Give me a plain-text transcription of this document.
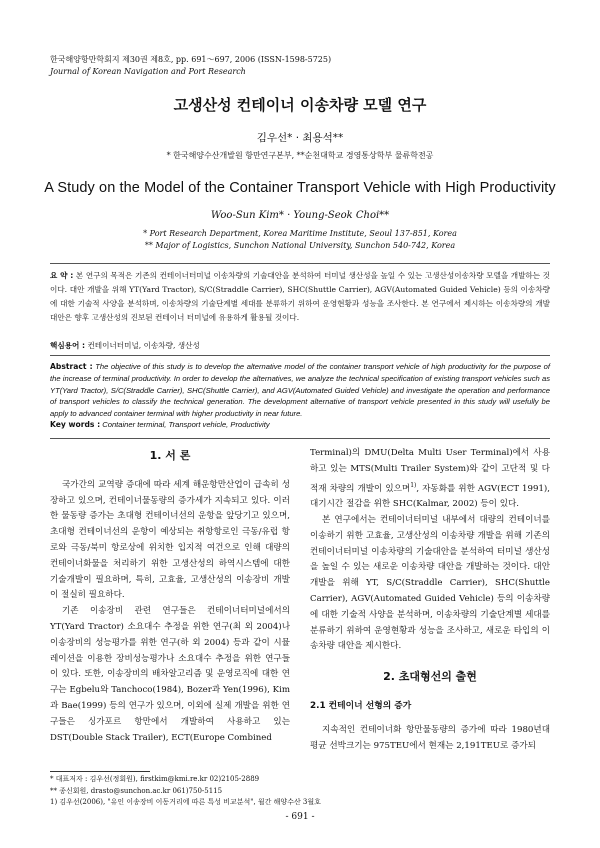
한국해양항만학회지 제30권 제8호, pp. 691～697, 2006 (ISSN-1598-5725)
Journal of Korean Navigation and Port Research
고생산성 컨테이너 이송차량 모델 연구
김우선* · 최용석**
* 한국해양수산개발원 항만연구본부, **순천대학교 경영통상학부 물류학전공
A Study on the Model of the Container Transport Vehicle with High Productivity
Woo-Sun Kim* · Young-Seok Choi**
* Port Research Department, Korea Maritime Institute, Seoul 137-851, Korea
** Major of Logistics, Sunchon National University, Sunchon 540-742, Korea
요 약 : 본 연구의 목적은 기존의 컨테이너터미널 이송차량의 기술대안을 분석하여 터미널 생산성을 높일 수 있는 고생산성이송차량 모델을 개발하는 것이다. 대안 개발을 위해 YT(Yard Tractor), S/C(Straddle Carrier), SHC(Shuttle Carrier), AGV(Automated Guided Vehicle) 등의 이송차량에 대한 기술적 사양을 분석하며, 이송차량의 기술단계별 세대를 분류하기 위하여 운영현황과 성능을 조사한다. 본 연구에서 제시하는 이송차량의 개발 대안은 향후 고생산성의 진보된 컨테이너 터미널에 유용하게 활용될 것이다.
핵심용어 : 컨테이너터미널, 이송차량, 생산성
Abstract : The objective of this study is to develop the alternative model of the container transport vehicle of high productivity for the purpose of the increase of terminal productivity. In order to develop the alternatives, we analyze the technical specification of existing transport vehicles such as YT(Yard Tractor), S/C(Straddle Carrier), SHC(Shuttle Carrier), and AGV(Automated Guided Vehicle) and investigate the operation and performance of transport vehicles to classify the technical generation. The development alternative of transport vehicle presented in this study will usefully be apply to advanced container terminal with higher productivity in near future.
Key words : Container terminal, Transport vehicle, Productivity
1. 서 론

국가간의 교역량 증대에 따라 세계 해운항만산업이 급속히 성장하고 있으며, 컨테이너물동량의 증가세가 지속되고 있다. 이러한 물동량 증가는 초대형 컨테이너선의 운항을 앞당기고 있으며, 초대형 컨테이너선의 운항이 예상되는 취항항로인 극동/유럽 항로와 극동/북미 항로상에 위치한 입지적 여건으로 인해 대량의 컨테이너화물을 처리하기 위한 고생산성의 하역시스템에 대한 기술개발이 필요하며, 특히, 고효율, 고생산성의 이송장비 개발이 절실히 필요하다.

기존 이송장비 관련 연구들은 컨테이너터미널에서의 YT(Yard Tractor) 소요대수 추정을 위한 연구(최 외 2004)나 이송장비의 성능평가를 위한 연구(하 외 2004) 등과 같이 시뮬레이션을 이용한 장비성능평가나 소요대수 추정을 위한 연구들이 있다. 또한, 이송장비의 배차알고리즘 및 운영로직에 대한 연구는 Egbelu와 Tanchoco(1984), Bozer과 Yen(1996), Kim과 Bae(1999) 등의 연구가 있으며, 이외에 실제 개발을 위한 연구들은 싱가포르 항만에서 개발하여 사용하고 있는 DST(Double Stack Trailer), ECT(Europe Combined

Terminal)의 DMU(Delta Multi User Terminal)에서 사용하고 있는 MTS(Multi Trailer System)와 같이 고단적 및 다적재 차량의 개발이 있으며$^{1)}$, 자동화를 위한 AGV(ECT 1991), 대기시간 절감을 위한 SHC(Kalmar, 2002) 등이 있다.

본 연구에서는 컨테이너터미널 내부에서 대량의 컨테이너를 이송하기 위한 고효율, 고생산성의 이송차량 개발을 위해 기존의 컨테이너터미널 이송차량의 기술대안을 분석하여 터미널 생산성을 높일 수 있는 새로운 이송차량 대안을 개발하는 것이다. 대안 개발을 위해 YT, S/C(Straddle Carrier), SHC(Shuttle Carrier), AGV(Automated Guided Vehicle) 등의 이송차량에 대한 기술적 사양을 분석하며, 이송차량의 기술단계별 세대를 분류하기 위하여 운영현황과 성능을 조사하고, 새로운 타입의 이송차량 대안을 제시한다.

2. 초대형선의 출현
2.1 컨테이너 선형의 증가

지속적인 컨테이너화 항만물동량의 증가에 따라 1980년대 평균 선박크기는 975TEU에서 현재는 2,191TEU로 증가되

* 대표저자 : 김우선(정회원), firstkim@kmi.re.kr 02)2105-2889
** 종신회원, drasto@sunchon.ac.kr 061)750-5115
1) 김우선(2006), "유인 이송장비 이동거리에 따른 특성 비교분석", 월간 해양수산 3월호
- 691 -
